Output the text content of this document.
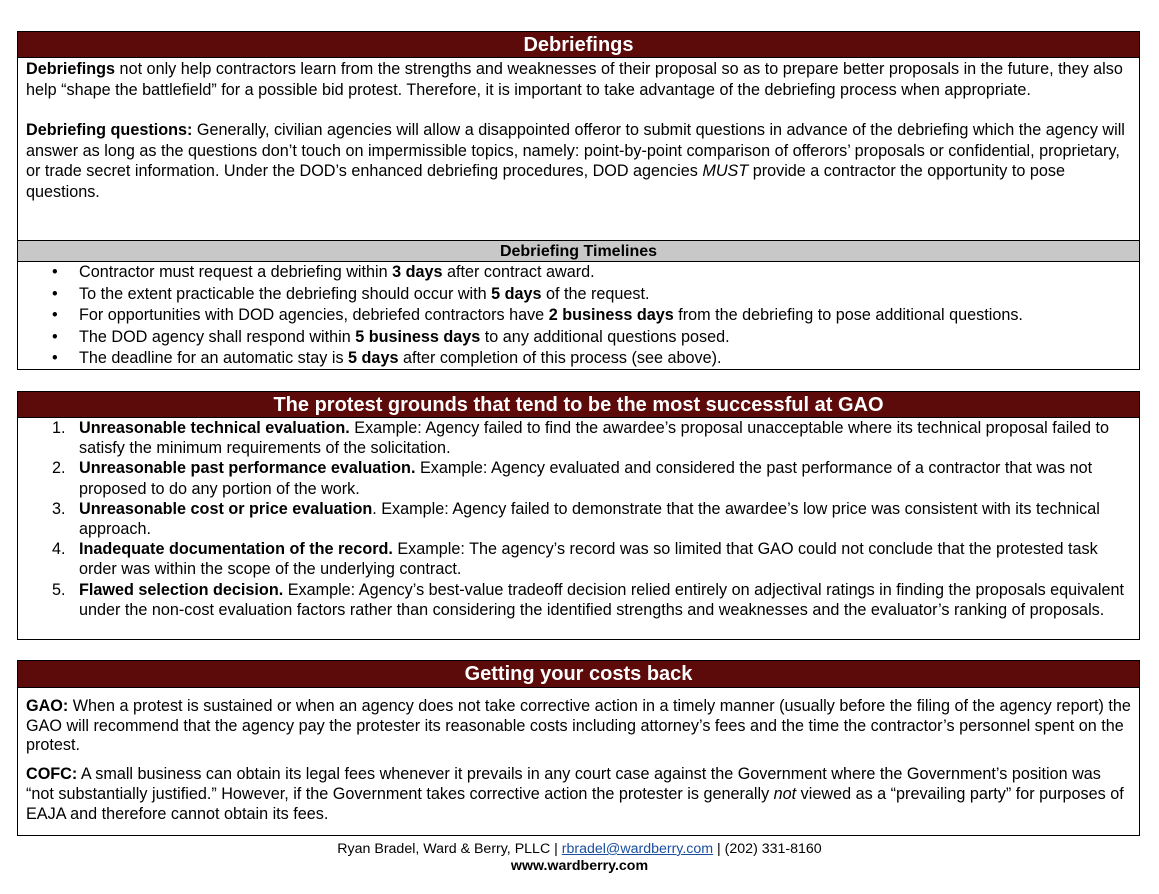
Debriefings

Debriefings not only help contractors learn from the strengths and weaknesses of their proposal so as to prepare better proposals in the future, they also help “shape the battlefield” for a possible bid protest. Therefore, it is important to take advantage of the debriefing process when appropriate.

Debriefing questions: Generally, civilian agencies will allow a disappointed offeror to submit questions in advance of the debriefing which the agency will answer as long as the questions don’t touch on impermissible topics, namely: point-by-point comparison of offerors’ proposals or confidential, proprietary, or trade secret information. Under the DOD’s enhanced debriefing procedures, DOD agencies MUST provide a contractor the opportunity to pose questions.

Debriefing Timelines
• Contractor must request a debriefing within 3 days after contract award.
• To the extent practicable the debriefing should occur with 5 days of the request.
• For opportunities with DOD agencies, debriefed contractors have 2 business days from the debriefing to pose additional questions.
• The DOD agency shall respond within 5 business days to any additional questions posed.
• The deadline for an automatic stay is 5 days after completion of this process (see above).
The protest grounds that tend to be the most successful at GAO
1. Unreasonable technical evaluation. Example: Agency failed to find the awardee’s proposal unacceptable where its technical proposal failed to satisfy the minimum requirements of the solicitation.
2. Unreasonable past performance evaluation. Example: Agency evaluated and considered the past performance of a contractor that was not proposed to do any portion of the work.
3. Unreasonable cost or price evaluation. Example: Agency failed to demonstrate that the awardee’s low price was consistent with its technical approach.
4. Inadequate documentation of the record. Example: The agency’s record was so limited that GAO could not conclude that the protested task order was within the scope of the underlying contract.
5. Flawed selection decision. Example: Agency’s best-value tradeoff decision relied entirely on adjectival ratings in finding the proposals equivalent under the non-cost evaluation factors rather than considering the identified strengths and weaknesses and the evaluator’s ranking of proposals.
Getting your costs back

GAO: When a protest is sustained or when an agency does not take corrective action in a timely manner (usually before the filing of the agency report) the GAO will recommend that the agency pay the protester its reasonable costs including attorney’s fees and the time the contractor’s personnel spent on the protest.

COFC: A small business can obtain its legal fees whenever it prevails in any court case against the Government where the Government’s position was “not substantially justified.” However, if the Government takes corrective action the protester is generally not viewed as a “prevailing party” for purposes of EAJA and therefore cannot obtain its fees.

Ryan Bradel, Ward & Berry, PLLC | rbradel@wardberry.com | (202) 331-8160
www.wardberry.com
